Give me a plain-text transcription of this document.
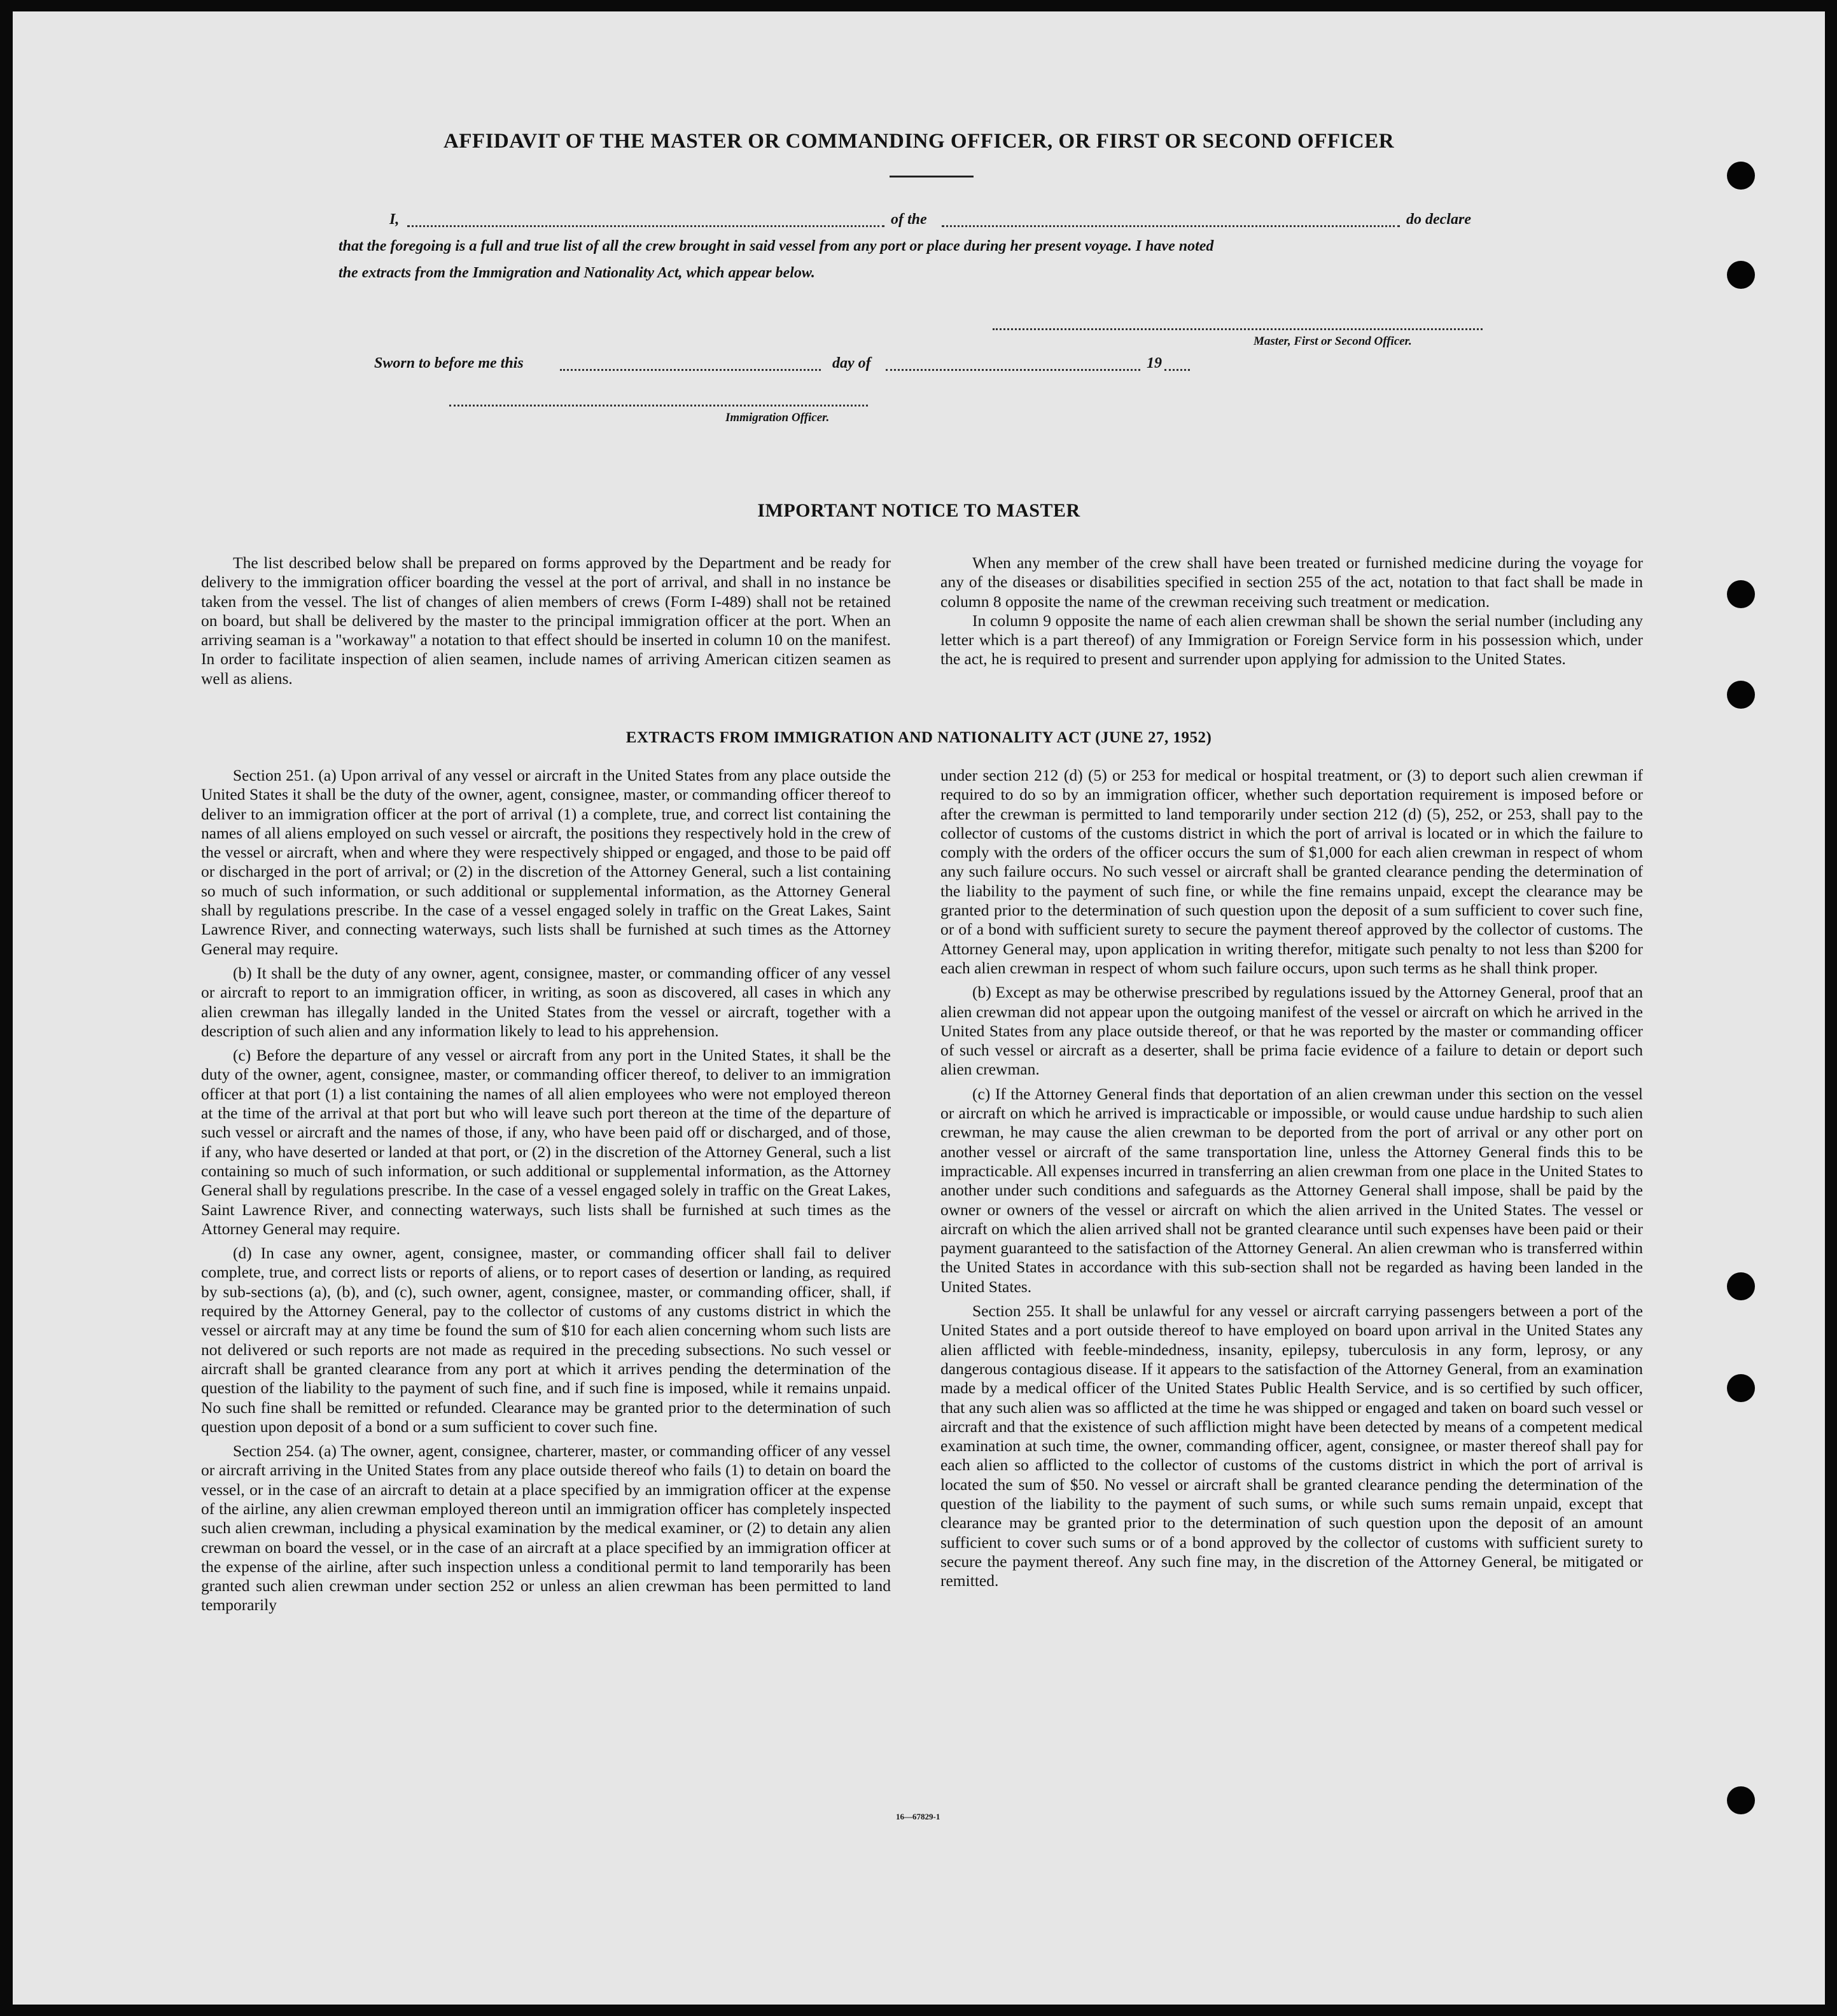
AFFIDAVIT OF THE MASTER OR COMMANDING OFFICER, OR FIRST OR SECOND OFFICER
I,	of the	do declare
that the foregoing is a full and true list of all the crew brought in said vessel from any port or place during her present voyage. I have noted
the extracts from the Immigration and Nationality Act, which appear below.
Master, First or Second Officer.
Sworn to before me this	day of	19
Immigration Officer.
IMPORTANT NOTICE TO MASTER

The list described below shall be prepared on forms approved by the Department and be ready for delivery to the immigration officer boarding the vessel at the port of arrival, and shall in no instance be taken from the vessel. The list of changes of alien members of crews (Form I-489) shall not be retained on board, but shall be delivered by the master to the principal immigration officer at the port. When an arriving seaman is a "workaway" a notation to that effect should be inserted in column 10 on the manifest. In order to facilitate inspection of alien seamen, include names of arriving American citizen seamen as well as aliens.

When any member of the crew shall have been treated or furnished medicine during the voyage for any of the diseases or disabilities specified in section 255 of the act, notation to that fact shall be made in column 8 opposite the name of the crewman receiving such treatment or medication.

In column 9 opposite the name of each alien crewman shall be shown the serial number (including any letter which is a part thereof) of any Immigration or Foreign Service form in his possession which, under the act, he is required to present and surrender upon applying for admission to the United States.

EXTRACTS FROM IMMIGRATION AND NATIONALITY ACT (JUNE 27, 1952)

Section 251. (a) Upon arrival of any vessel or aircraft in the United States from any place outside the United States it shall be the duty of the owner, agent, consignee, master, or commanding officer thereof to deliver to an immigration officer at the port of arrival (1) a complete, true, and correct list containing the names of all aliens employed on such vessel or aircraft, the positions they respectively hold in the crew of the vessel or aircraft, when and where they were respectively shipped or engaged, and those to be paid off or discharged in the port of arrival; or (2) in the discretion of the Attorney General, such a list containing so much of such information, or such additional or supplemental information, as the Attorney General shall by regulations prescribe. In the case of a vessel engaged solely in traffic on the Great Lakes, Saint Lawrence River, and connecting waterways, such lists shall be furnished at such times as the Attorney General may require.

(b) It shall be the duty of any owner, agent, consignee, master, or commanding officer of any vessel or aircraft to report to an immigration officer, in writing, as soon as discovered, all cases in which any alien crewman has illegally landed in the United States from the vessel or aircraft, together with a description of such alien and any information likely to lead to his apprehension.

(c) Before the departure of any vessel or aircraft from any port in the United States, it shall be the duty of the owner, agent, consignee, master, or commanding officer thereof, to deliver to an immigration officer at that port (1) a list containing the names of all alien employees who were not employed thereon at the time of the arrival at that port but who will leave such port thereon at the time of the departure of such vessel or aircraft and the names of those, if any, who have been paid off or discharged, and of those, if any, who have deserted or landed at that port, or (2) in the discretion of the Attorney General, such a list containing so much of such information, or such additional or supplemental information, as the Attorney General shall by regulations prescribe. In the case of a vessel engaged solely in traffic on the Great Lakes, Saint Lawrence River, and connecting waterways, such lists shall be furnished at such times as the Attorney General may require.

(d) In case any owner, agent, consignee, master, or commanding officer shall fail to deliver complete, true, and correct lists or reports of aliens, or to report cases of desertion or landing, as required by sub-sections (a), (b), and (c), such owner, agent, consignee, master, or commanding officer, shall, if required by the Attorney General, pay to the collector of customs of any customs district in which the vessel or aircraft may at any time be found the sum of $10 for each alien concerning whom such lists are not delivered or such reports are not made as required in the preceding subsections. No such vessel or aircraft shall be granted clearance from any port at which it arrives pending the determination of the question of the liability to the payment of such fine, and if such fine is imposed, while it remains unpaid. No such fine shall be remitted or refunded. Clearance may be granted prior to the determination of such question upon deposit of a bond or a sum sufficient to cover such fine.

Section 254. (a) The owner, agent, consignee, charterer, master, or commanding officer of any vessel or aircraft arriving in the United States from any place outside thereof who fails (1) to detain on board the vessel, or in the case of an aircraft to detain at a place specified by an immigration officer at the expense of the airline, any alien crewman employed thereon until an immigration officer has completely inspected such alien crewman, including a physical examination by the medical examiner, or (2) to detain any alien crewman on board the vessel, or in the case of an aircraft at a place specified by an immigration officer at the expense of the airline, after such inspection unless a conditional permit to land temporarily has been granted such alien crewman under section 252 or unless an alien crewman has been permitted to land temporarily

under section 212 (d) (5) or 253 for medical or hospital treatment, or (3) to deport such alien crewman if required to do so by an immigration officer, whether such deportation requirement is imposed before or after the crewman is permitted to land temporarily under section 212 (d) (5), 252, or 253, shall pay to the collector of customs of the customs district in which the port of arrival is located or in which the failure to comply with the orders of the officer occurs the sum of $1,000 for each alien crewman in respect of whom any such failure occurs. No such vessel or aircraft shall be granted clearance pending the determination of the liability to the payment of such fine, or while the fine remains unpaid, except the clearance may be granted prior to the determination of such question upon the deposit of a sum sufficient to cover such fine, or of a bond with sufficient surety to secure the payment thereof approved by the collector of customs. The Attorney General may, upon application in writing therefor, mitigate such penalty to not less than $200 for each alien crewman in respect of whom such failure occurs, upon such terms as he shall think proper.

(b) Except as may be otherwise prescribed by regulations issued by the Attorney General, proof that an alien crewman did not appear upon the outgoing manifest of the vessel or aircraft on which he arrived in the United States from any place outside thereof, or that he was reported by the master or commanding officer of such vessel or aircraft as a deserter, shall be prima facie evidence of a failure to detain or deport such alien crewman.

(c) If the Attorney General finds that deportation of an alien crewman under this section on the vessel or aircraft on which he arrived is impracticable or impossible, or would cause undue hardship to such alien crewman, he may cause the alien crewman to be deported from the port of arrival or any other port on another vessel or aircraft of the same transportation line, unless the Attorney General finds this to be impracticable. All expenses incurred in transferring an alien crewman from one place in the United States to another under such conditions and safeguards as the Attorney General shall impose, shall be paid by the owner or owners of the vessel or aircraft on which the alien arrived in the United States. The vessel or aircraft on which the alien arrived shall not be granted clearance until such expenses have been paid or their payment guaranteed to the satisfaction of the Attorney General. An alien crewman who is transferred within the United States in accordance with this sub-section shall not be regarded as having been landed in the United States.

Section 255. It shall be unlawful for any vessel or aircraft carrying passengers between a port of the United States and a port outside thereof to have employed on board upon arrival in the United States any alien afflicted with feeble-mindedness, insanity, epilepsy, tuberculosis in any form, leprosy, or any dangerous contagious disease. If it appears to the satisfaction of the Attorney General, from an examination made by a medical officer of the United States Public Health Service, and is so certified by such officer, that any such alien was so afflicted at the time he was shipped or engaged and taken on board such vessel or aircraft and that the existence of such affliction might have been detected by means of a competent medical examination at such time, the owner, commanding officer, agent, consignee, or master thereof shall pay for each alien so afflicted to the collector of customs of the customs district in which the port of arrival is located the sum of $50. No vessel or aircraft shall be granted clearance pending the determination of the question of the liability to the payment of such sums, or while such sums remain unpaid, except that clearance may be granted prior to the determination of such question upon the deposit of an amount sufficient to cover such sums or of a bond approved by the collector of customs with sufficient surety to secure the payment thereof. Any such fine may, in the discretion of the Attorney General, be mitigated or remitted.

16—67829-1
